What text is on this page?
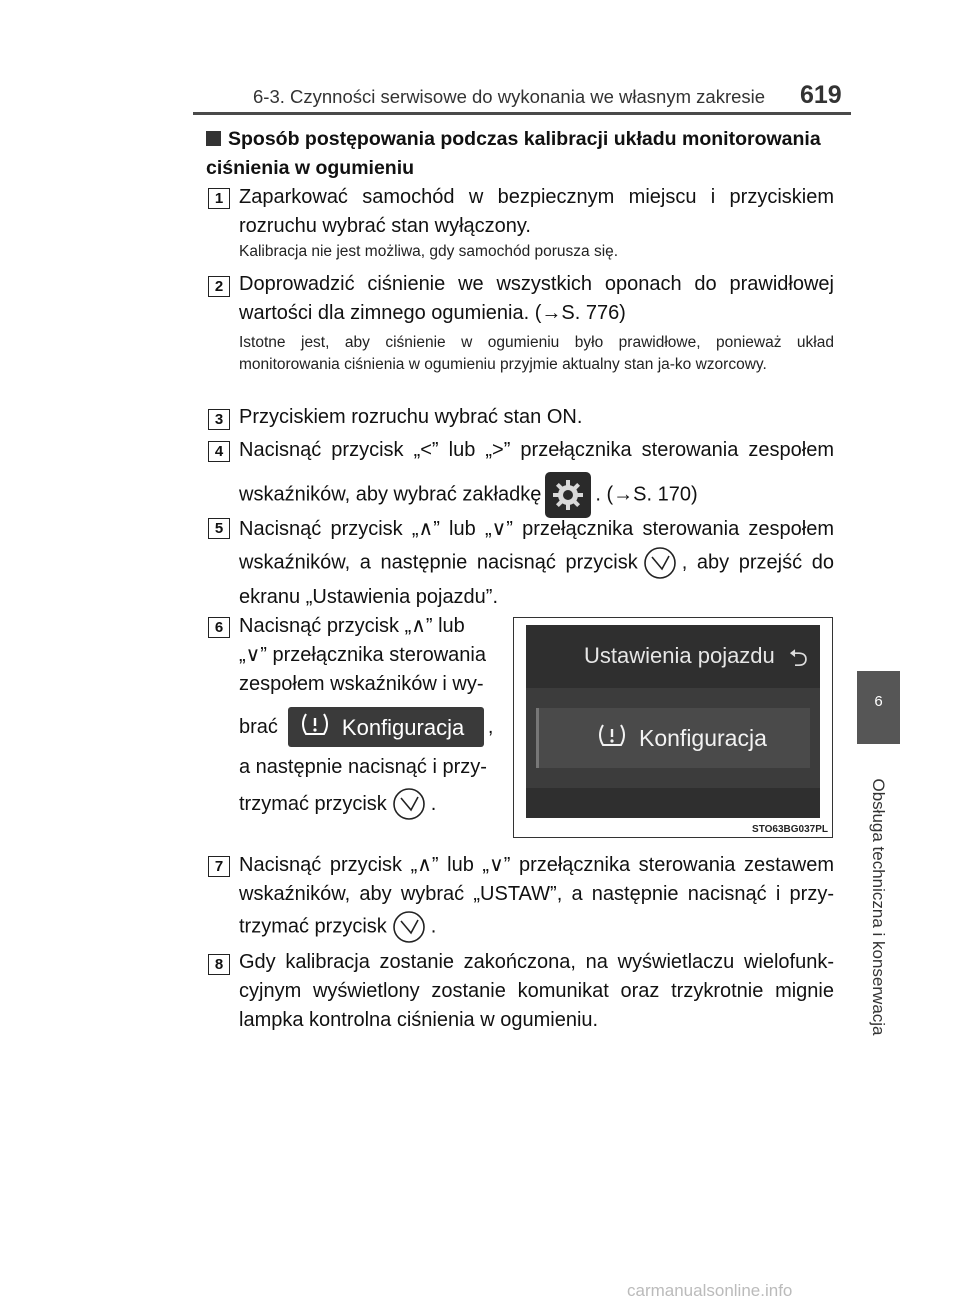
6-3. Czynności serwisowe do wykonania we własnym zakresie 619
6
Obsługa techniczna i konserwacja

Sposób postępowania podczas kalibracji układu monitorowania ciśnienia w ogumieniu

1 Zaparkować samochód w bezpiecznym miejscu i przyciskiem rozruchu wybrać stan wyłączony.

Kalibracja nie jest możliwa, gdy samochód porusza się.

2 Doprowadzić ciśnienie we wszystkich oponach do prawidłowej wartości dla zimnego ogumienia. (→S. 776)

Istotne jest, aby ciśnienie w ogumieniu było prawidłowe, ponieważ układ monitorowania ciśnienia w ogumieniu przyjmie aktualny stan ja-ko wzorcowy.

3 Przyciskiem rozruchu wybrać stan ON.

4 Nacisnąć przycisk „<” lub „>” przełącznika sterowania zespołem wskaźników, aby wybrać zakładkę	. (→S. 170)

5 Nacisnąć przycisk „∧” lub „∨” przełącznika sterowania zespołem wskaźników, a następnie nacisnąć przycisk , aby przejść do ekranu „Ustawienia pojazdu”.

6 Nacisnąć przycisk „∧” lub
„∨” przełącznika sterowania
zespołem wskaźników i wy-
brać	Konfiguracja ,
a następnie nacisnąć i przy-
trzymać przycisk .
Ustawienia pojazdu ⮌
Konfiguracja
STO63BG037PL
7 Nacisnąć przycisk „∧” lub „∨” przełącznika sterowania zestawem wskaźników, aby wybrać „USTAW”, a następnie nacisnąć i przy-trzymać przycisk .

8 Gdy kalibracja zostanie zakończona, na wyświetlaczu wielofunk-cyjnym wyświetlony zostanie komunikat oraz trzykrotnie mignie lampka kontrolna ciśnienia w ogumieniu.

carmanualsonline.info
